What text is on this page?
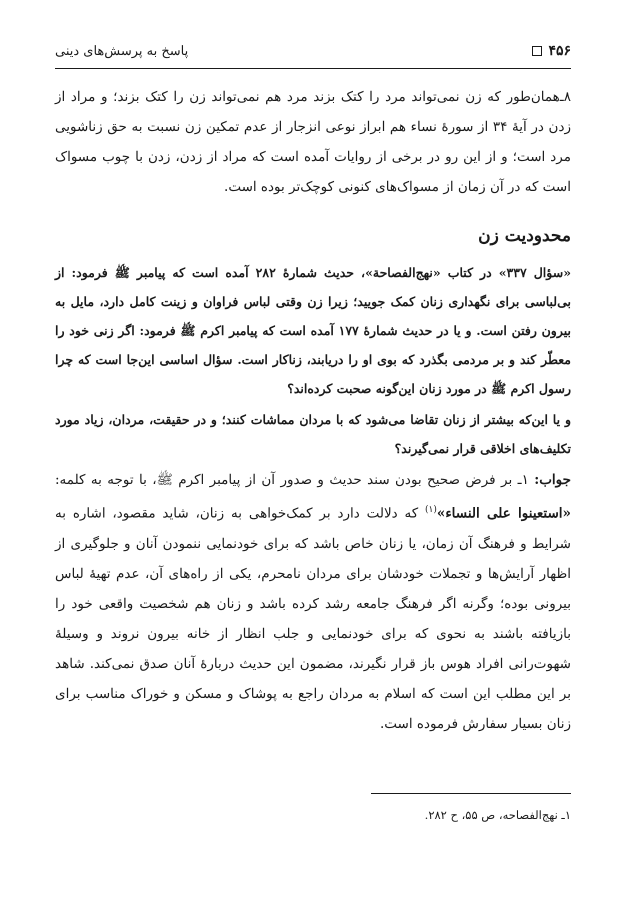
۴۵۶
پاسخ به پرسش‌های دینی

۸ـ‌همان‌طور که زن نمی‌تواند مرد را کتک بزند مرد هم نمی‌تواند زن را کتک بزند؛ و مراد از زدن در آیهٔ ۳۴ از سورهٔ نساء هم ابراز نوعی انزجار از عدم تمکین زن نسبت به حق زناشویی مرد است؛ و از این رو در برخی از روایات آمده است که مراد از زدن، زدن با چوب مسواک است که در آن زمان از مسواک‌های کنونی کوچک‌تر بوده است.

محدودیت زن

«سؤال ۳۳۷» در کتاب «نهج‌الفصاحة»، حدیث شمارهٔ ۲۸۲ آمده است که پیامبر ﷺ فرمود: از بی‌لباسی برای نگهداری زنان کمک جویید؛ زیرا زن وقتی لباس فراوان و زینت کامل دارد، مایل به بیرون رفتن است. و یا در حدیث شمارهٔ ۱۷۷ آمده است که پیامبر اکرم ﷺ فرمود: اگر زنی خود را معطّر کند و بر مردمی بگذرد که بوی او را دریابند، زناکار است. سؤال اساسی این‌جا است که چرا رسول اکرم ﷺ در مورد زنان این‌گونه صحبت کرده‌اند؟

و یا این‌که بیشتر از زنان تقاضا می‌شود که با مردان مماشات کنند؛ و در حقیقت، مردان، زیاد مورد تکلیف‌های اخلاقی قرار نمی‌گیرند؟

جواب: ۱ـ بر فرض صحیح بودن سند حدیث و صدور آن از پیامبر اکرم ﷺ، با توجه به کلمه: «استعینوا علی النساء»$^{(۱)}$ که دلالت دارد بر کمک‌خواهی به زنان، شاید مقصود، اشاره به شرایط و فرهنگ آن زمان، یا زنان خاص باشد که برای خودنمایی ننمودن آنان و جلوگیری از اظهار آرایش‌ها و تجملات خودشان برای مردان نامحرم، یکی از راه‌های آن، عدم تهیهٔ لباس بیرونی بوده؛ وگرنه اگر فرهنگ جامعه رشد کرده باشد و زنان هم شخصیت واقعی خود را بازیافته باشند به نحوی که برای خودنمایی و جلب انظار از خانه بیرون نروند و وسیلهٔ شهوت‌رانی افراد هوس باز قرار نگیرند، مضمون این حدیث دربارهٔ آنان صدق نمی‌کند. شاهد بر این مطلب این است که اسلام به مردان راجع به پوشاک و مسکن و خوراک مناسب برای زنان بسیار سفارش فرموده است.

۱ـ نهج‌الفصاحه، ص ۵۵، ح ۲۸۲.
